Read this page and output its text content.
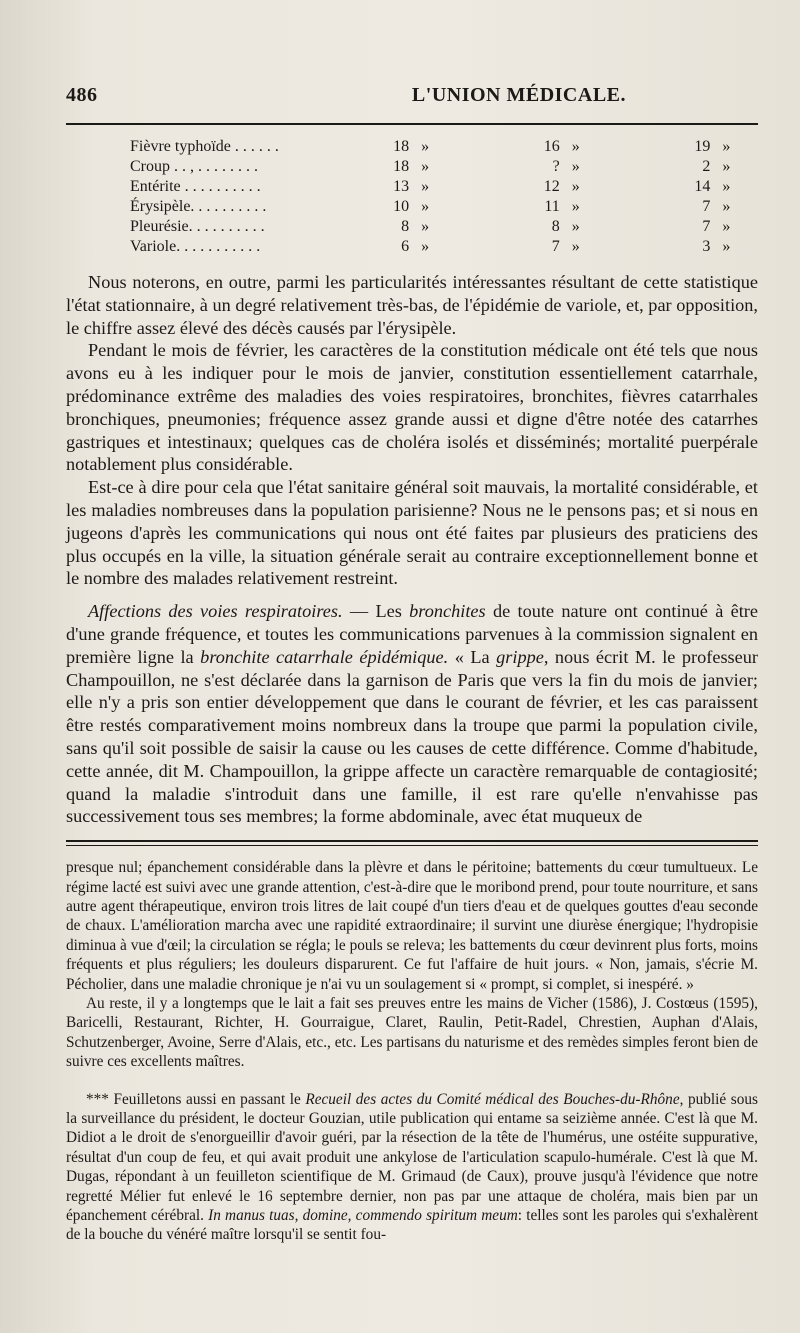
486	L'UNION MÉDICALE.
Fièvre typhoïde . . . . . .	18 »	16 »	19 »
Croup . . , . . . . . . . .	18 »	? »	2 »
Entérite . . . . . . . . . .	13 »	12 »	14 »
Érysipèle. . . . . . . . . .	10 »	11 »	7 »
Pleurésie. . . . . . . . . .	8 »	8 »	7 »
Variole. . . . . . . . . . .	6 »	7 »	3 »

Nous noterons, en outre, parmi les particularités intéressantes résultant de cette statistique l'état stationnaire, à un degré relativement très-bas, de l'épidémie de variole, et, par opposition, le chiffre assez élevé des décès causés par l'érysipèle.

Pendant le mois de février, les caractères de la constitution médicale ont été tels que nous avons eu à les indiquer pour le mois de janvier, constitution essentiellement catarrhale, prédominance extrême des maladies des voies respiratoires, bronchites, fièvres catarrhales bronchiques, pneumonies; fréquence assez grande aussi et digne d'être notée des catarrhes gastriques et intestinaux; quelques cas de choléra isolés et disséminés; mortalité puerpérale notablement plus considérable.

Est-ce à dire pour cela que l'état sanitaire général soit mauvais, la mortalité considérable, et les maladies nombreuses dans la population parisienne? Nous ne le pensons pas; et si nous en jugeons d'après les communications qui nous ont été faites par plusieurs des praticiens des plus occupés en la ville, la situation générale serait au contraire exceptionnellement bonne et le nombre des malades relativement restreint.

Affections des voies respiratoires. — Les bronchites de toute nature ont continué à être d'une grande fréquence, et toutes les communications parvenues à la commission signalent en première ligne la bronchite catarrhale épidémique. « La grippe, nous écrit M. le professeur Champouillon, ne s'est déclarée dans la garnison de Paris que vers la fin du mois de janvier; elle n'y a pris son entier développement que dans le courant de février, et les cas paraissent être restés comparativement moins nombreux dans la troupe que parmi la population civile, sans qu'il soit possible de saisir la cause ou les causes de cette différence. Comme d'habitude, cette année, dit M. Champouillon, la grippe affecte un caractère remarquable de contagiosité; quand la maladie s'introduit dans une famille, il est rare qu'elle n'envahisse pas successivement tous ses membres; la forme abdominale, avec état muqueux de

presque nul; épanchement considérable dans la plèvre et dans le péritoine; battements du cœur tumultueux. Le régime lacté est suivi avec une grande attention, c'est-à-dire que le moribond prend, pour toute nourriture, et sans autre agent thérapeutique, environ trois litres de lait coupé d'un tiers d'eau et de quelques gouttes d'eau seconde de chaux. L'amélioration marcha avec une rapidité extraordinaire; il survint une diurèse énergique; l'hydropisie diminua à vue d'œil; la circulation se régla; le pouls se releva; les battements du cœur devinrent plus forts, moins fréquents et plus réguliers; les douleurs disparurent. Ce fut l'affaire de huit jours. « Non, jamais, s'écrie M. Pécholier, dans une maladie chronique je n'ai vu un soulagement si « prompt, si complet, si inespéré. »

Au reste, il y a longtemps que le lait a fait ses preuves entre les mains de Vicher (1586), J. Costœus (1595), Baricelli, Restaurant, Richter, H. Gourraigue, Claret, Raulin, Petit-Radel, Chrestien, Auphan d'Alais, Schutzenberger, Avoine, Serre d'Alais, etc., etc. Les partisans du naturisme et des remèdes simples feront bien de suivre ces excellents maîtres.

*** Feuilletons aussi en passant le Recueil des actes du Comité médical des Bouches-du-Rhône, publié sous la surveillance du président, le docteur Gouzian, utile publication qui entame sa seizième année. C'est là que M. Didiot a le droit de s'enorgueillir d'avoir guéri, par la résection de la tête de l'humérus, une ostéite suppurative, résultat d'un coup de feu, et qui avait produit une ankylose de l'articulation scapulo-humérale. C'est là que M. Dugas, répondant à un feuilleton scientifique de M. Grimaud (de Caux), prouve jusqu'à l'évidence que notre regretté Mélier fut enlevé le 16 septembre dernier, non pas par une attaque de choléra, mais bien par un épanchement cérébral. In manus tuas, domine, commendo spiritum meum: telles sont les paroles qui s'exhalèrent de la bouche du vénéré maître lorsqu'il se sentit fou-
